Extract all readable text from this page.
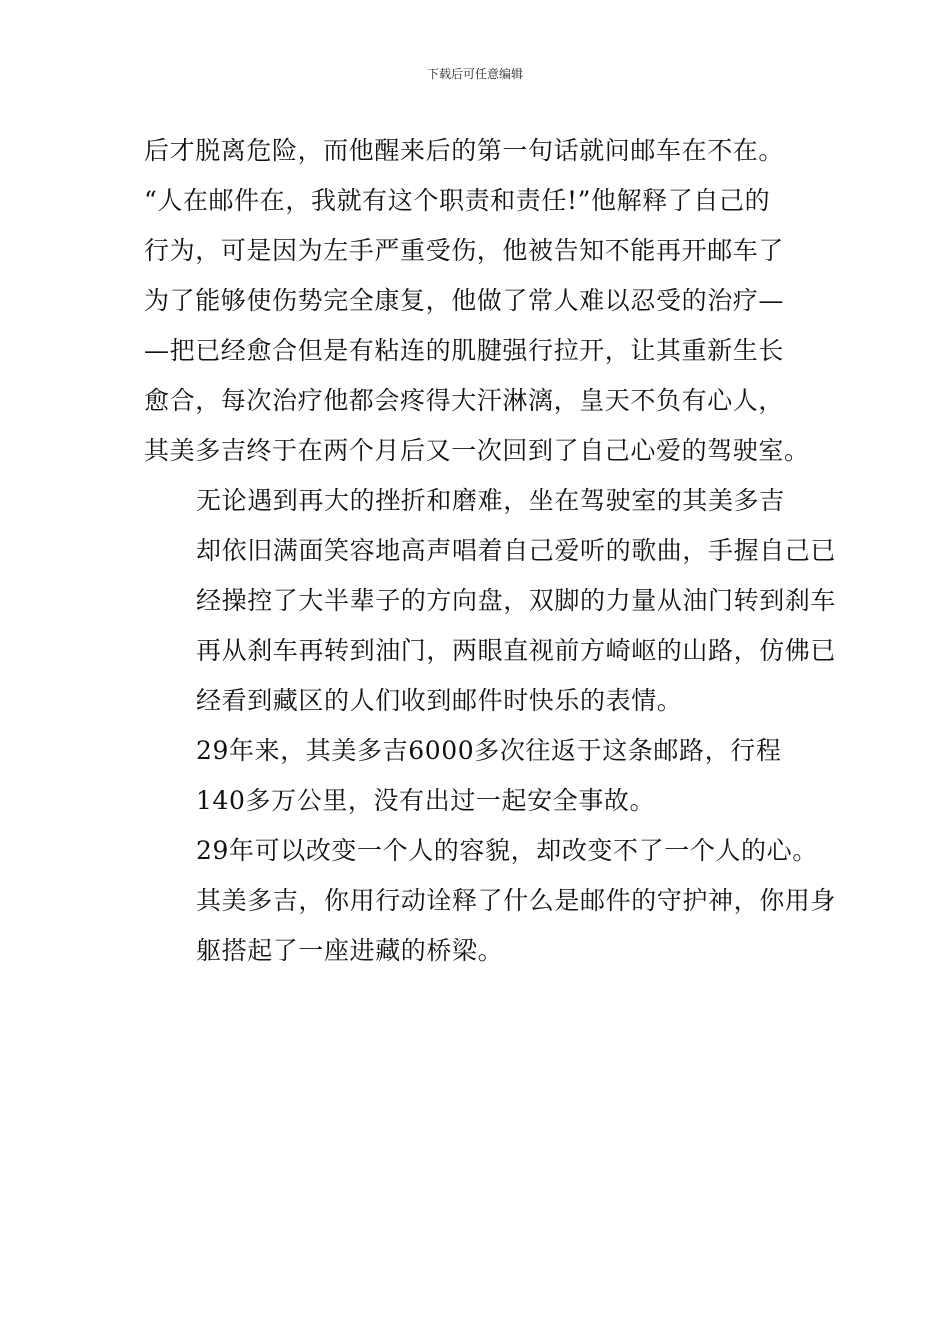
下载后可任意编辑

后才脱离危险，而他醒来后的第一句话就问邮车在不在。
“人在邮件在，我就有这个职责和责任!”他解释了自己的
行为，可是因为左手严重受伤，他被告知不能再开邮车了
为了能够使伤势完全康复，他做了常人难以忍受的治疗—
—把已经愈合但是有粘连的肌腱强行拉开，让其重新生长
愈合，每次治疗他都会疼得大汗淋漓，皇天不负有心人，
其美多吉终于在两个月后又一次回到了自己心爱的驾驶室。

无论遇到再大的挫折和磨难，坐在驾驶室的其美多吉
却依旧满面笑容地高声唱着自己爱听的歌曲，手握自己已
经操控了大半辈子的方向盘，双脚的力量从油门转到刹车
再从刹车再转到油门，两眼直视前方崎岖的山路，仿佛已
经看到藏区的人们收到邮件时快乐的表情。

29年来，其美多吉6000多次往返于这条邮路，行程
140多万公里，没有出过一起安全事故。

29年可以改变一个人的容貌，却改变不了一个人的心。
其美多吉，你用行动诠释了什么是邮件的守护神，你用身
躯搭起了一座进藏的桥梁。
